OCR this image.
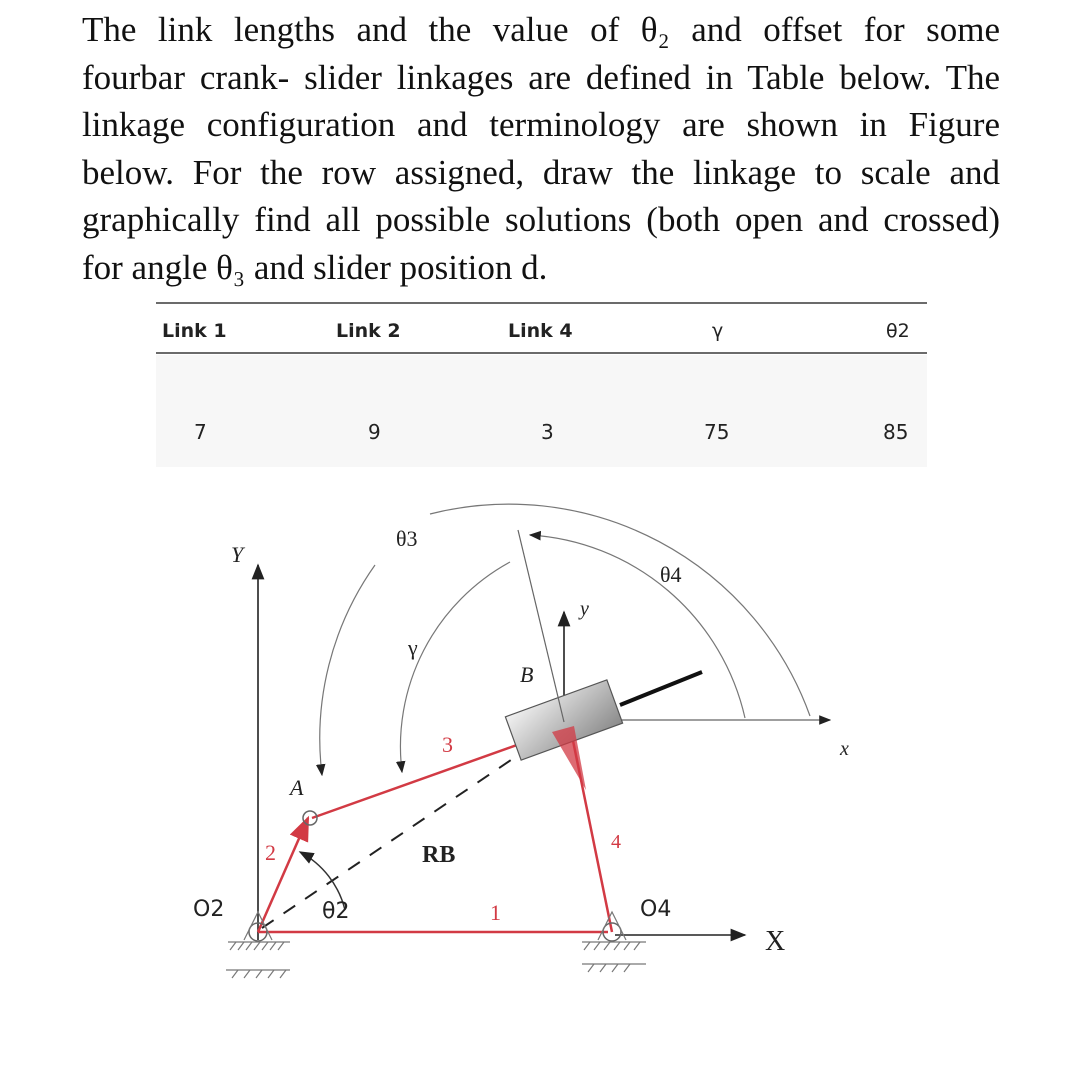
The link lengths and the value of θ₂ and offset for some
fourbar crank- slider linkages are defined in Table below. The
linkage configuration and terminology are shown in Figure
below. For the row assigned, draw the linkage to scale and
graphically find all possible solutions (both open and crossed)
for angle θ₃ and slider position d.
Link 1	Link 2	Link 4	γ	θ2
7	9	3	75	85
Y
X
y
x
1
2
3
4
RB
B
θ3
θ4
γ
θ2
A
O2	O4
